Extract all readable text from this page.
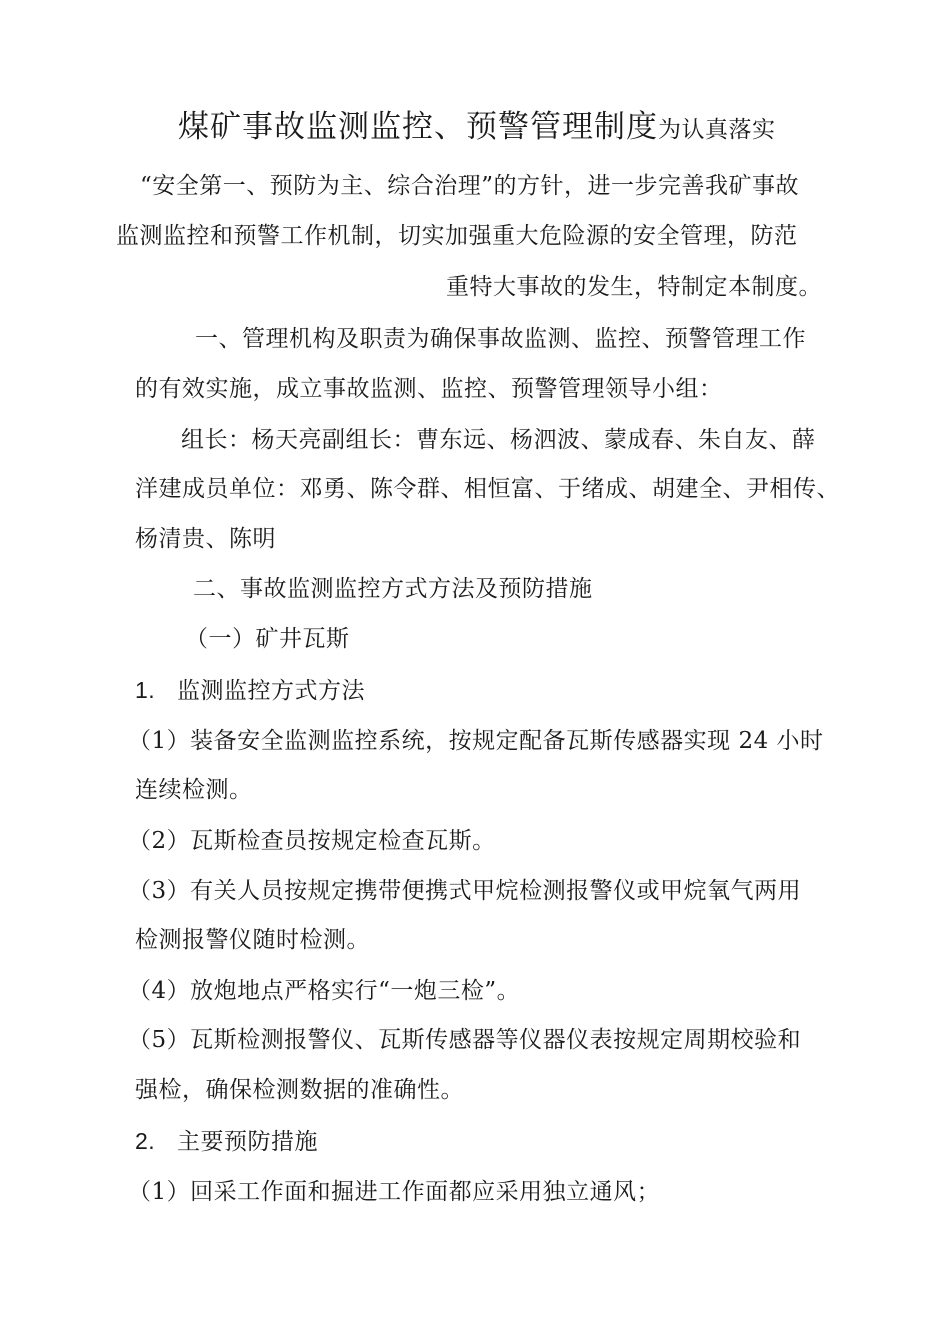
煤矿事故监测监控、预警管理制度为认真落实
“安全第一、预防为主、综合治理”的方针，进一步完善我矿事故
监测监控和预警工作机制，切实加强重大危险源的安全管理，防范
重特大事故的发生，特制定本制度。
一、管理机构及职责为确保事故监测、监控、预警管理工作
的有效实施，成立事故监测、监控、预警管理领导小组：
组长：杨天亮副组长：曹东远、杨泗波、蒙成春、朱自友、薛
洋建成员单位：邓勇、陈令群、相恒富、于绪成、胡建全、尹相传、
杨清贵、陈明
二、事故监测监控方式方法及预防措施
（一）矿井瓦斯
1. 监测监控方式方法
（1）装备安全监测监控系统，按规定配备瓦斯传感器实现 24 小时
连续检测。
（2）瓦斯检查员按规定检查瓦斯。
（3）有关人员按规定携带便携式甲烷检测报警仪或甲烷氧气两用
检测报警仪随时检测。
（4）放炮地点严格实行“一炮三检”。
（5）瓦斯检测报警仪、瓦斯传感器等仪器仪表按规定周期校验和
强检，确保检测数据的准确性。
2. 主要预防措施
（1）回采工作面和掘进工作面都应采用独立通风；
